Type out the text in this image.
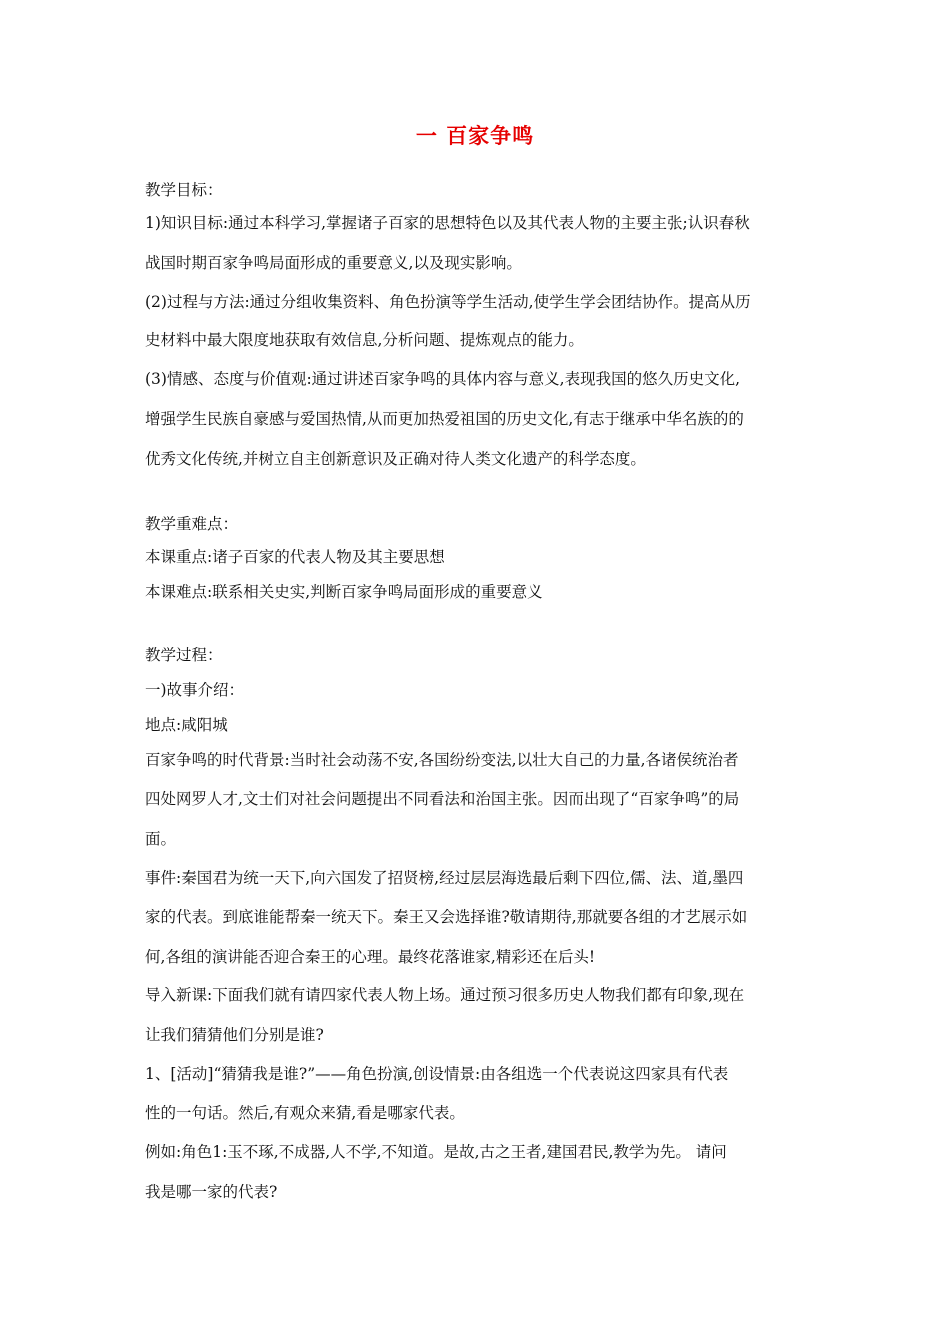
一 百家争鸣
教学目标：
1)知识目标:通过本科学习,掌握诸子百家的思想特色以及其代表人物的主要主张;认识春秋
战国时期百家争鸣局面形成的重要意义,以及现实影响。
(2)过程与方法:通过分组收集资料、角色扮演等学生活动,使学生学会团结协作。提高从历
史材料中最大限度地获取有效信息,分析问题、提炼观点的能力。
(3)情感、态度与价值观:通过讲述百家争鸣的具体内容与意义,表现我国的悠久历史文化,
增强学生民族自豪感与爱国热情,从而更加热爱祖国的历史文化,有志于继承中华名族的的
优秀文化传统,并树立自主创新意识及正确对待人类文化遗产的科学态度。
教学重难点：
本课重点:诸子百家的代表人物及其主要思想
本课难点:联系相关史实,判断百家争鸣局面形成的重要意义
教学过程：
一)故事介绍：
地点:咸阳城
百家争鸣的时代背景:当时社会动荡不安,各国纷纷变法,以壮大自己的力量,各诸侯统治者
四处网罗人才,文士们对社会问题提出不同看法和治国主张。因而出现了“百家争鸣”的局
面。
事件:秦国君为统一天下,向六国发了招贤榜,经过层层海选最后剩下四位,儒、法、道,墨四
家的代表。到底谁能帮秦一统天下。秦王又会选择谁?敬请期待,那就要各组的才艺展示如
何,各组的演讲能否迎合秦王的心理。最终花落谁家,精彩还在后头!
导入新课:下面我们就有请四家代表人物上场。通过预习很多历史人物我们都有印象,现在
让我们猜猜他们分别是谁?
1、[活动]“猜猜我是谁?”——角色扮演,创设情景:由各组选一个代表说这四家具有代表
性的一句话。然后,有观众来猜,看是哪家代表。
例如:角色1:玉不琢,不成器,人不学,不知道。是故,古之王者,建国君民,教学为先。 请问
我是哪一家的代表?
